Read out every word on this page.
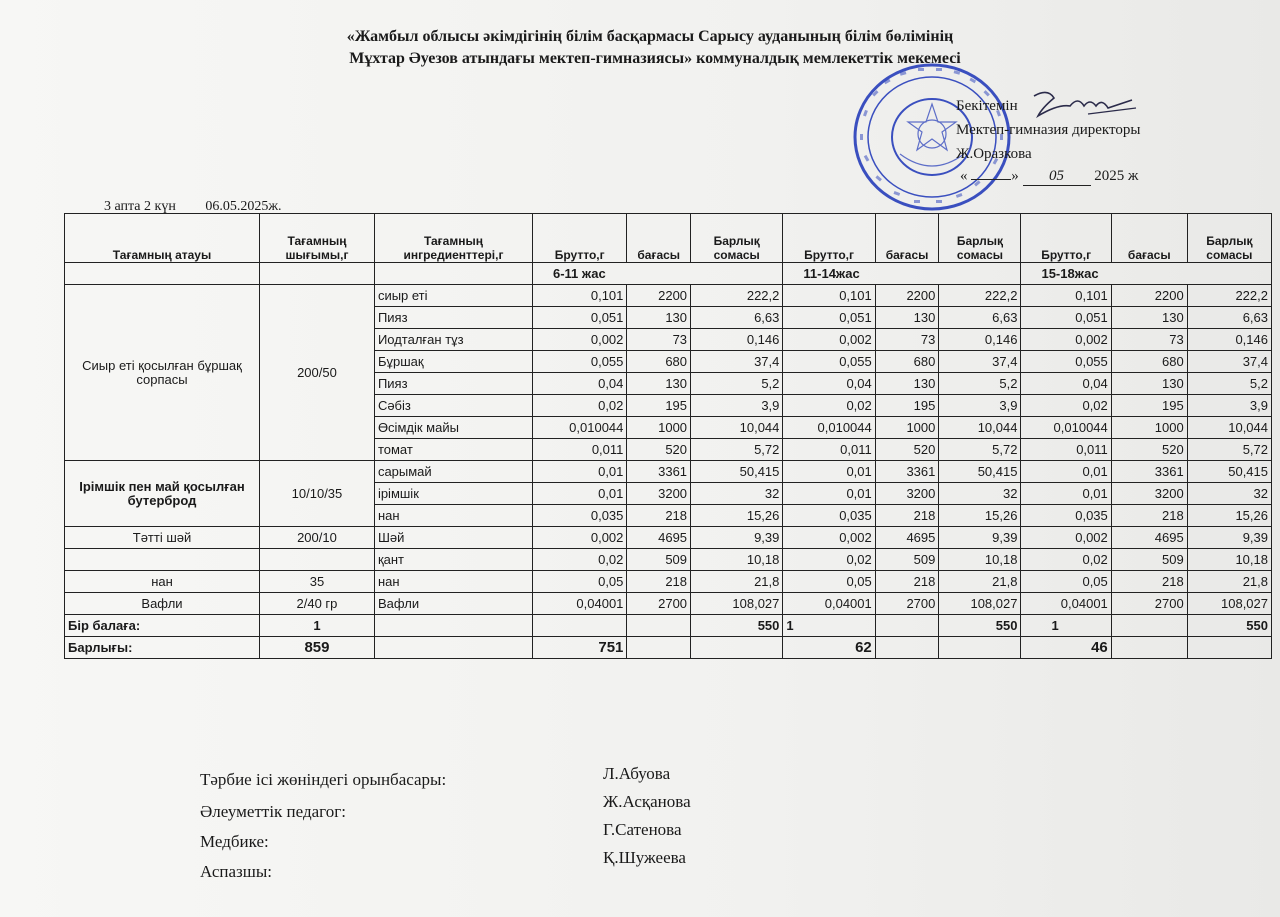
«Жамбыл облысы әкімдігінің білім басқармасы Сарысу ауданының білім бөлімінің
Мұхтар Әуезов атындағы мектеп-гимназиясы» коммуналдық мемлекеттік мекемесі
Бекітемін
Мектеп-гимназия директоры
Ж.Оразкова
«	» 05 2025 ж
3 апта 2 күн 06.05.2025ж.
Тағамның атауы	Тағамның шығымы,г	Тағамның ингредиенттері,г	Брутто,г	бағасы	Барлық сомасы	Брутто,г	бағасы	Барлық сомасы	Брутто,г	бағасы	Барлық сомасы
			6-11 жас			11-14жас			15-18жас		
Сиыр еті қосылған бұршақ сорпасы	200/50	сиыр еті	0,101	2200	222,2	0,101	2200	222,2	0,101	2200	222,2
		Пияз	0,051	130	6,63	0,051	130	6,63	0,051	130	6,63
		Иодталған тұз	0,002	73	0,146	0,002	73	0,146	0,002	73	0,146
		Бұршақ	0,055	680	37,4	0,055	680	37,4	0,055	680	37,4
		Пияз	0,04	130	5,2	0,04	130	5,2	0,04	130	5,2
		Сәбіз	0,02	195	3,9	0,02	195	3,9	0,02	195	3,9
		Өсімдік майы	0,010044	1000	10,044	0,010044	1000	10,044	0,010044	1000	10,044
		томат	0,011	520	5,72	0,011	520	5,72	0,011	520	5,72
Ірімшік пен май қосылған бутерброд	10/10/35	сарымай	0,01	3361	50,415	0,01	3361	50,415	0,01	3361	50,415
		ірімшік	0,01	3200	32	0,01	3200	32	0,01	3200	32
		нан	0,035	218	15,26	0,035	218	15,26	0,035	218	15,26
Тәтті шәй	200/10	Шәй	0,002	4695	9,39	0,002	4695	9,39	0,002	4695	9,39
		қант	0,02	509	10,18	0,02	509	10,18	0,02	509	10,18
нан	35	нан	0,05	218	21,8	0,05	218	21,8	0,05	218	21,8
Вафли	2/40 гр	Вафли	0,04001	2700	108,027	0,04001	2700	108,027	0,04001	2700	108,027
Бір балаға:	1				550	1		550	1		550
Барлығы:	859		751			62			46		
Тәрбие ісі жөніндегі орынбасары:
Әлеуметтік педагог:
Медбике:
Аспазшы:
Л.Абуова
Ж.Асқанова
Г.Сатенова
Қ.Шужеева
